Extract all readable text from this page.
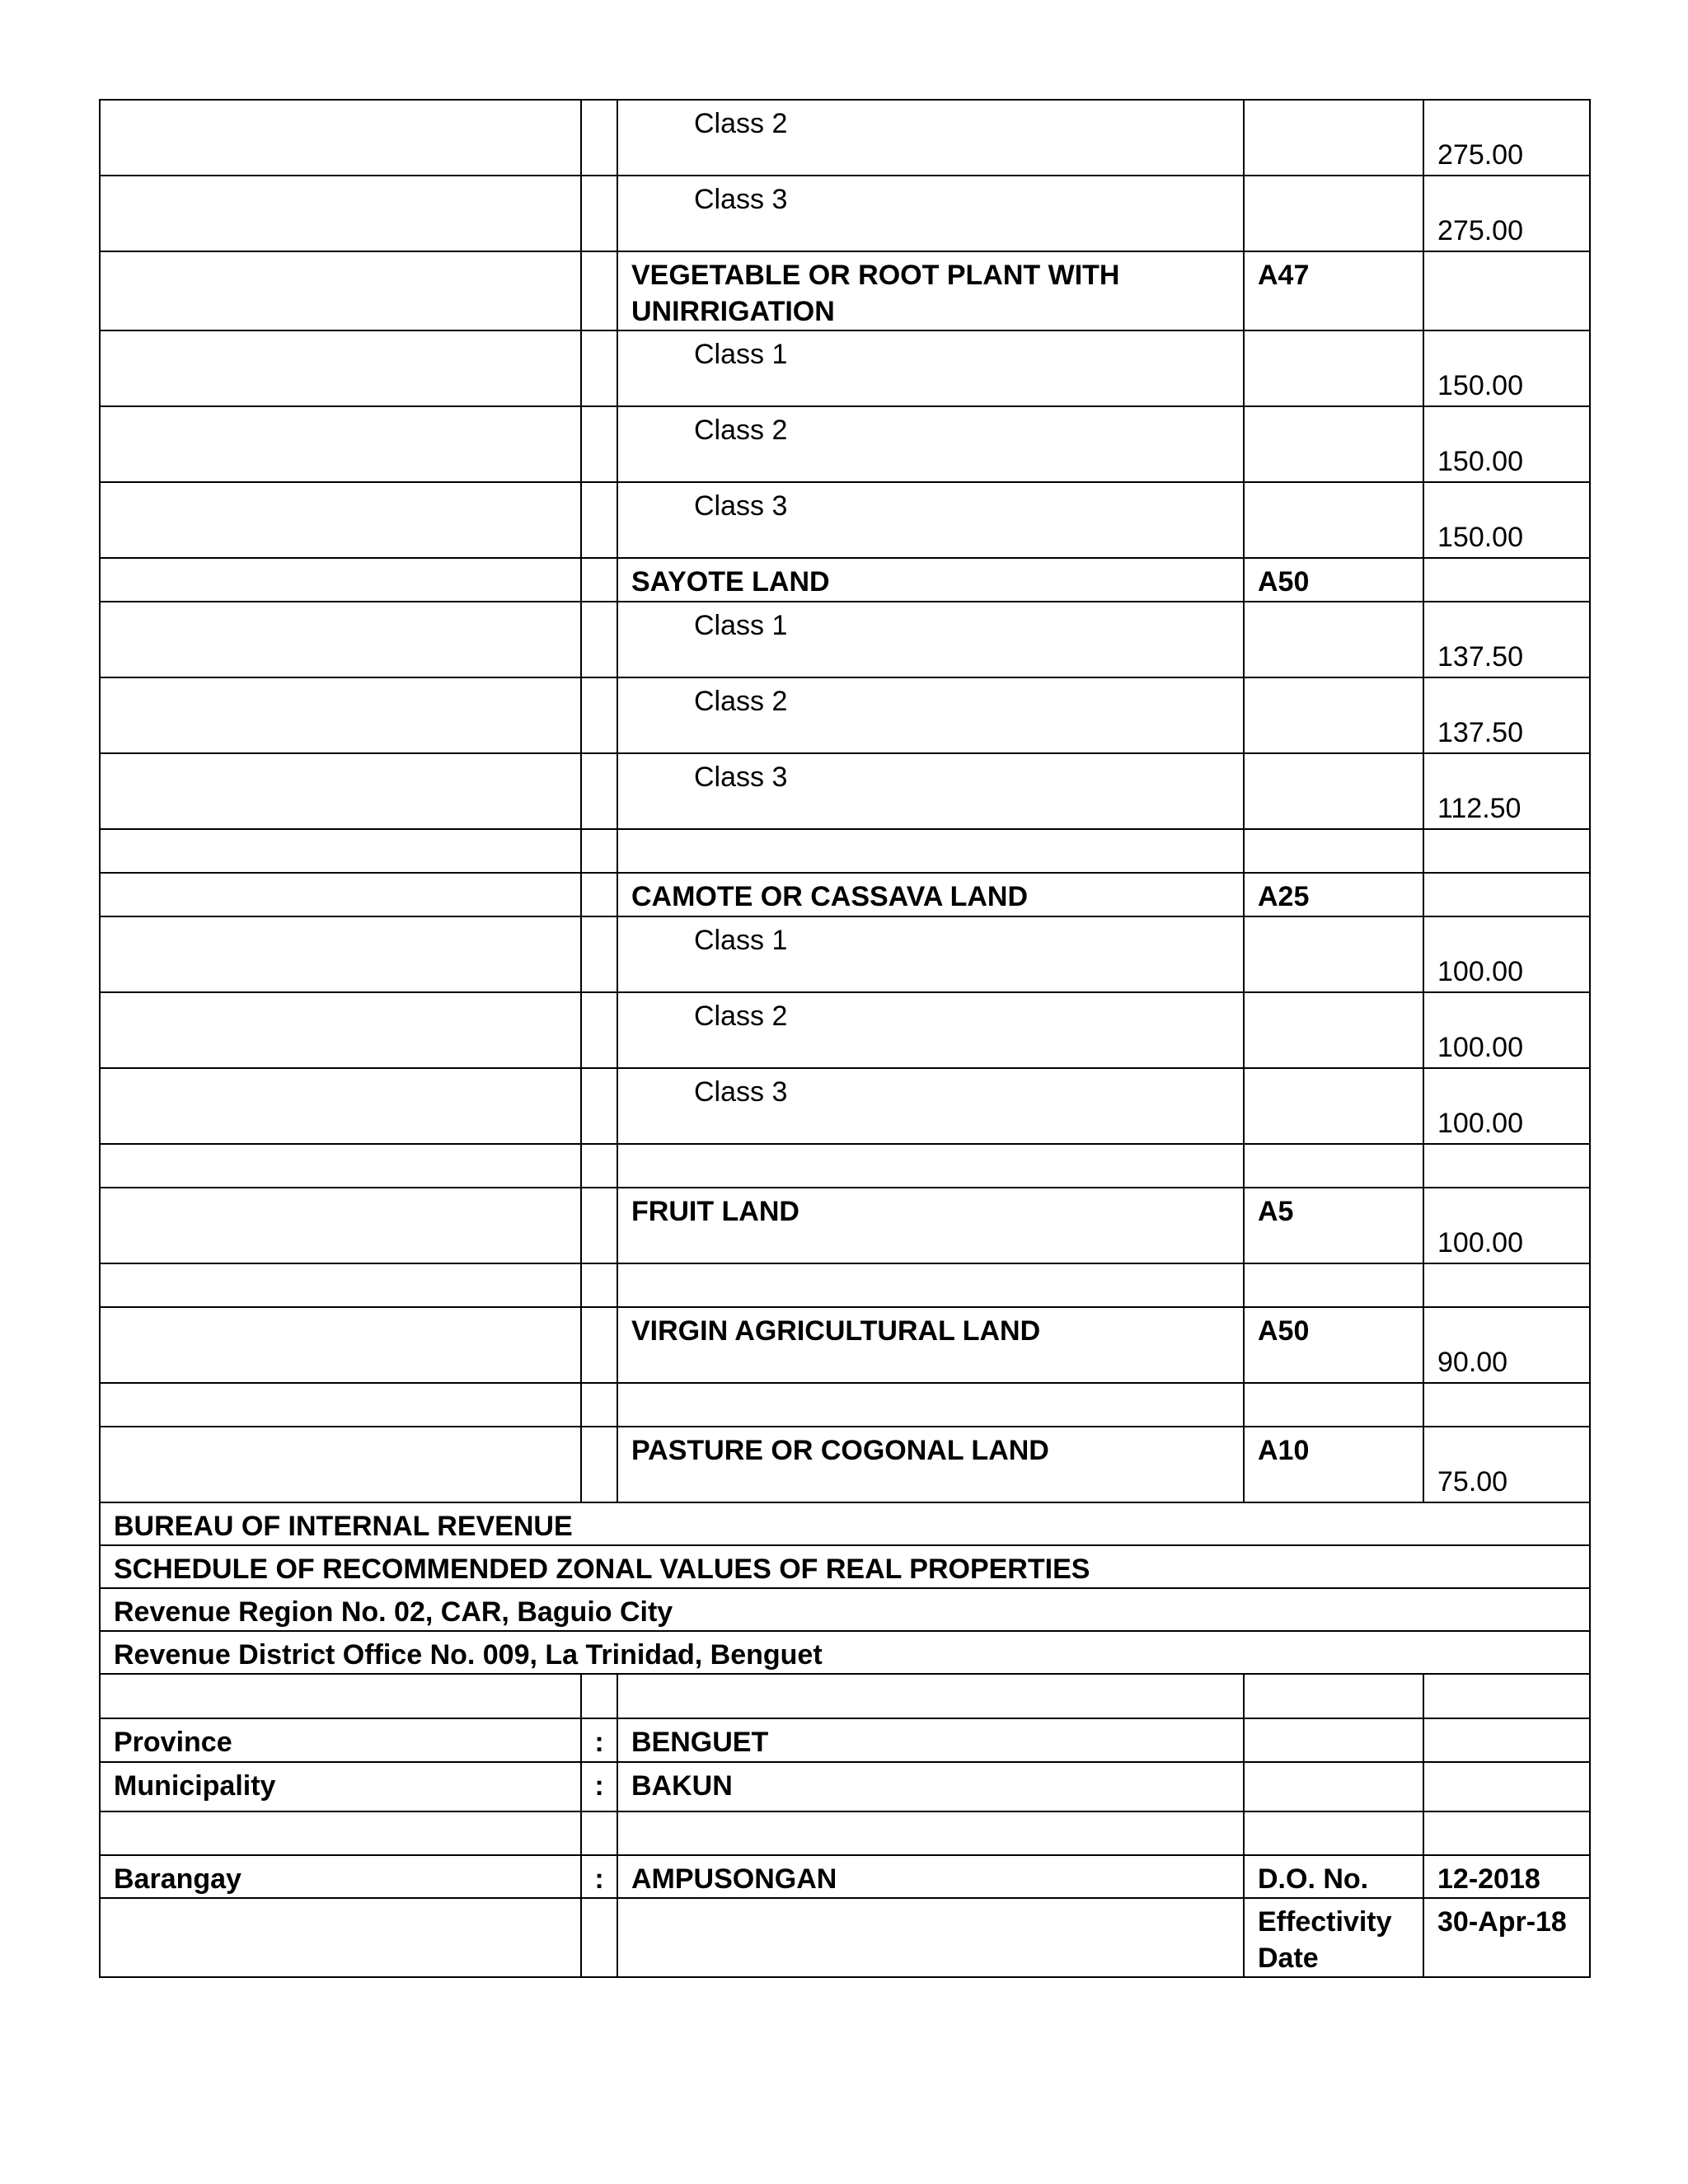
		Class 2		275.00

		Class 3		275.00

		VEGETABLE OR ROOT PLANT WITH UNIRRIGATION	A47	
		Class 1		150.00

		Class 2		150.00

		Class 3		150.00

		SAYOTE LAND	A50	
		Class 1		137.50

		Class 2		137.50

		Class 3		112.50

		CAMOTE OR CASSAVA LAND	A25	
		Class 1		100.00

		Class 2		100.00

		Class 3		100.00

		FRUIT LAND	A5	100.00

		VIRGIN AGRICULTURAL LAND	A50	90.00

		PASTURE OR COGONAL LAND	A10	75.00

BUREAU OF INTERNAL REVENUE				
SCHEDULE OF RECOMMENDED ZONAL VALUES OF REAL PROPERTIES				
Revenue Region No. 02, CAR, Baguio City				
Revenue District Office No. 009, La Trinidad, Benguet				

Province	:	BENGUET		
Municipality	:	BAKUN		

Barangay	:	AMPUSONGAN	D.O. No.	12-2018
			Effectivity Date	30-Apr-18
